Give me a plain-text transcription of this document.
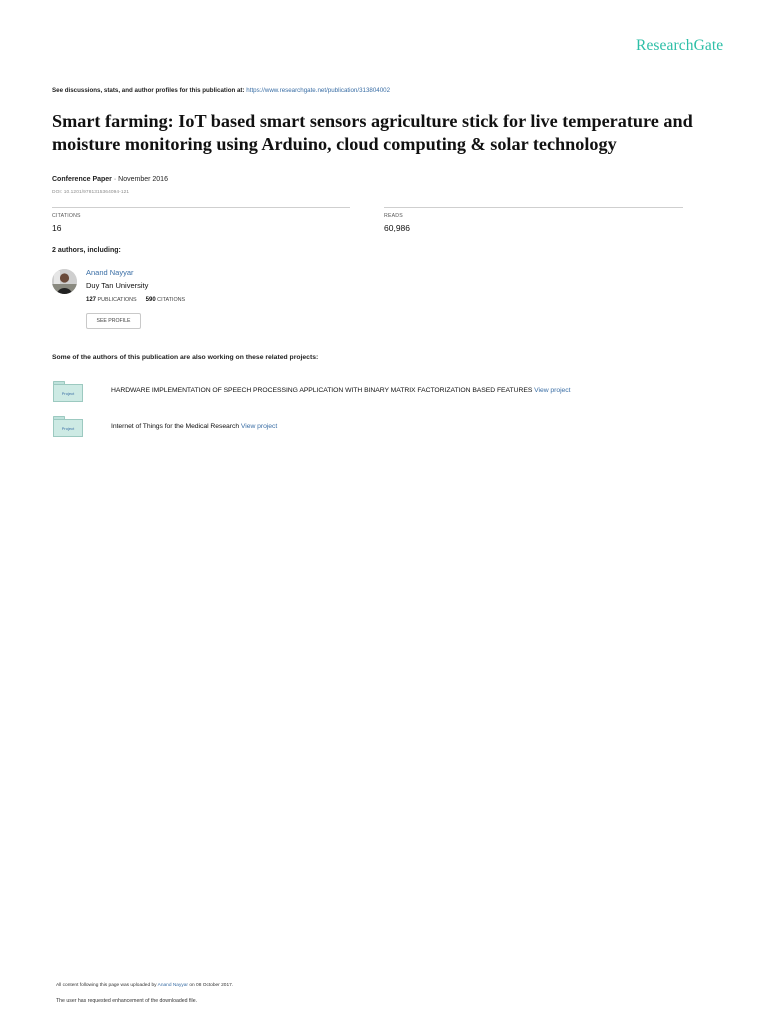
ResearchGate
See discussions, stats, and author profiles for this publication at: https://www.researchgate.net/publication/313804002
Smart farming: IoT based smart sensors agriculture stick for live temperature and moisture monitoring using Arduino, cloud computing & solar technology
Conference Paper · November 2016
DOI: 10.1201/9781315364094-121
CITATIONS
16
READS
60,986
2 authors, including:
Anand Nayyar
Duy Tan University
127 PUBLICATIONS 590 CITATIONS
SEE PROFILE
Some of the authors of this publication are also working on these related projects:
Project	HARDWARE IMPLEMENTATION OF SPEECH PROCESSING APPLICATION WITH BINARY MATRIX FACTORIZATION BASED FEATURES View project
Project	Internet of Things for the Medical Research View project
All content following this page was uploaded by Anand Nayyar on 08 October 2017.
The user has requested enhancement of the downloaded file.
